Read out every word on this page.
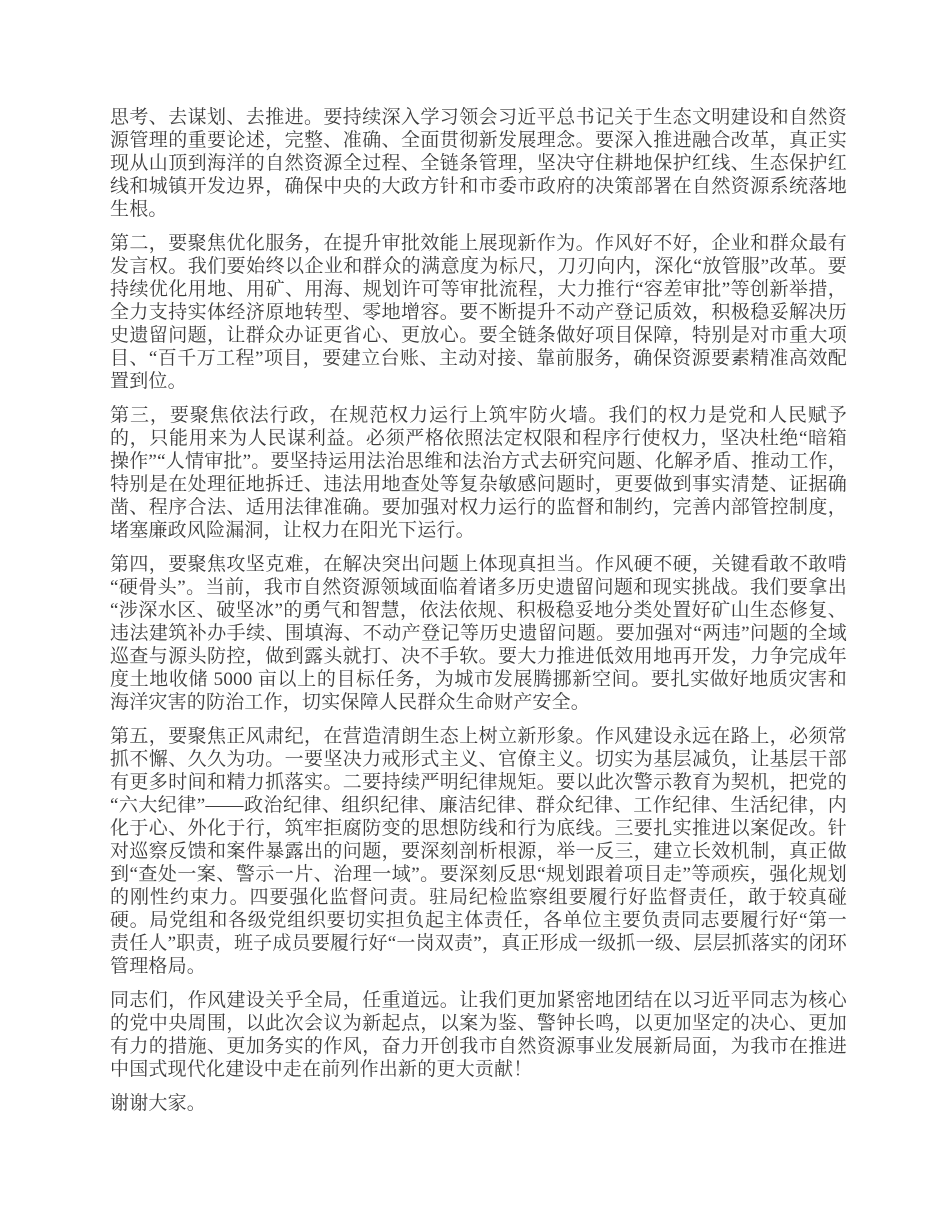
思考、去谋划、去推进。要持续深入学习领会习近平总书记关于生态文明建设和自然资源管理的重要论述，完整、准确、全面贯彻新发展理念。要深入推进融合改革，真正实现从山顶到海洋的自然资源全过程、全链条管理，坚决守住耕地保护红线、生态保护红线和城镇开发边界，确保中央的大政方针和市委市政府的决策部署在自然资源系统落地生根。

第二，要聚焦优化服务，在提升审批效能上展现新作为。作风好不好，企业和群众最有发言权。我们要始终以企业和群众的满意度为标尺，刀刃向内，深化“放管服”改革。要持续优化用地、用矿、用海、规划许可等审批流程，大力推行“容差审批”等创新举措，全力支持实体经济原地转型、零地增容。要不断提升不动产登记质效，积极稳妥解决历史遗留问题，让群众办证更省心、更放心。要全链条做好项目保障，特别是对市重大项目、“百千万工程”项目，要建立台账、主动对接、靠前服务，确保资源要素精准高效配置到位。

第三，要聚焦依法行政，在规范权力运行上筑牢防火墙。我们的权力是党和人民赋予的，只能用来为人民谋利益。必须严格依照法定权限和程序行使权力，坚决杜绝“暗箱操作”“人情审批”。要坚持运用法治思维和法治方式去研究问题、化解矛盾、推动工作，特别是在处理征地拆迁、违法用地查处等复杂敏感问题时，更要做到事实清楚、证据确凿、程序合法、适用法律准确。要加强对权力运行的监督和制约，完善内部管控制度，堵塞廉政风险漏洞，让权力在阳光下运行。

第四，要聚焦攻坚克难，在解决突出问题上体现真担当。作风硬不硬，关键看敢不敢啃“硬骨头”。当前，我市自然资源领域面临着诸多历史遗留问题和现实挑战。我们要拿出“涉深水区、破坚冰”的勇气和智慧，依法依规、积极稳妥地分类处置好矿山生态修复、违法建筑补办手续、围填海、不动产登记等历史遗留问题。要加强对“两违”问题的全域巡查与源头防控，做到露头就打、决不手软。要大力推进低效用地再开发，力争完成年度土地收储 5000 亩以上的目标任务，为城市发展腾挪新空间。要扎实做好地质灾害和海洋灾害的防治工作，切实保障人民群众生命财产安全。

第五，要聚焦正风肃纪，在营造清朗生态上树立新形象。作风建设永远在路上，必须常抓不懈、久久为功。一要坚决力戒形式主义、官僚主义。切实为基层减负，让基层干部有更多时间和精力抓落实。二要持续严明纪律规矩。要以此次警示教育为契机，把党的“六大纪律”——政治纪律、组织纪律、廉洁纪律、群众纪律、工作纪律、生活纪律，内化于心、外化于行，筑牢拒腐防变的思想防线和行为底线。三要扎实推进以案促改。针对巡察反馈和案件暴露出的问题，要深刻剖析根源，举一反三，建立长效机制，真正做到“查处一案、警示一片、治理一域”。要深刻反思“规划跟着项目走”等顽疾，强化规划的刚性约束力。四要强化监督问责。驻局纪检监察组要履行好监督责任，敢于较真碰硬。局党组和各级党组织要切实担负起主体责任，各单位主要负责同志要履行好“第一责任人”职责，班子成员要履行好“一岗双责”，真正形成一级抓一级、层层抓落实的闭环管理格局。

同志们，作风建设关乎全局，任重道远。让我们更加紧密地团结在以习近平同志为核心的党中央周围，以此次会议为新起点，以案为鉴、警钟长鸣，以更加坚定的决心、更加有力的措施、更加务实的作风，奋力开创我市自然资源事业发展新局面，为我市在推进中国式现代化建设中走在前列作出新的更大贡献！

谢谢大家。
